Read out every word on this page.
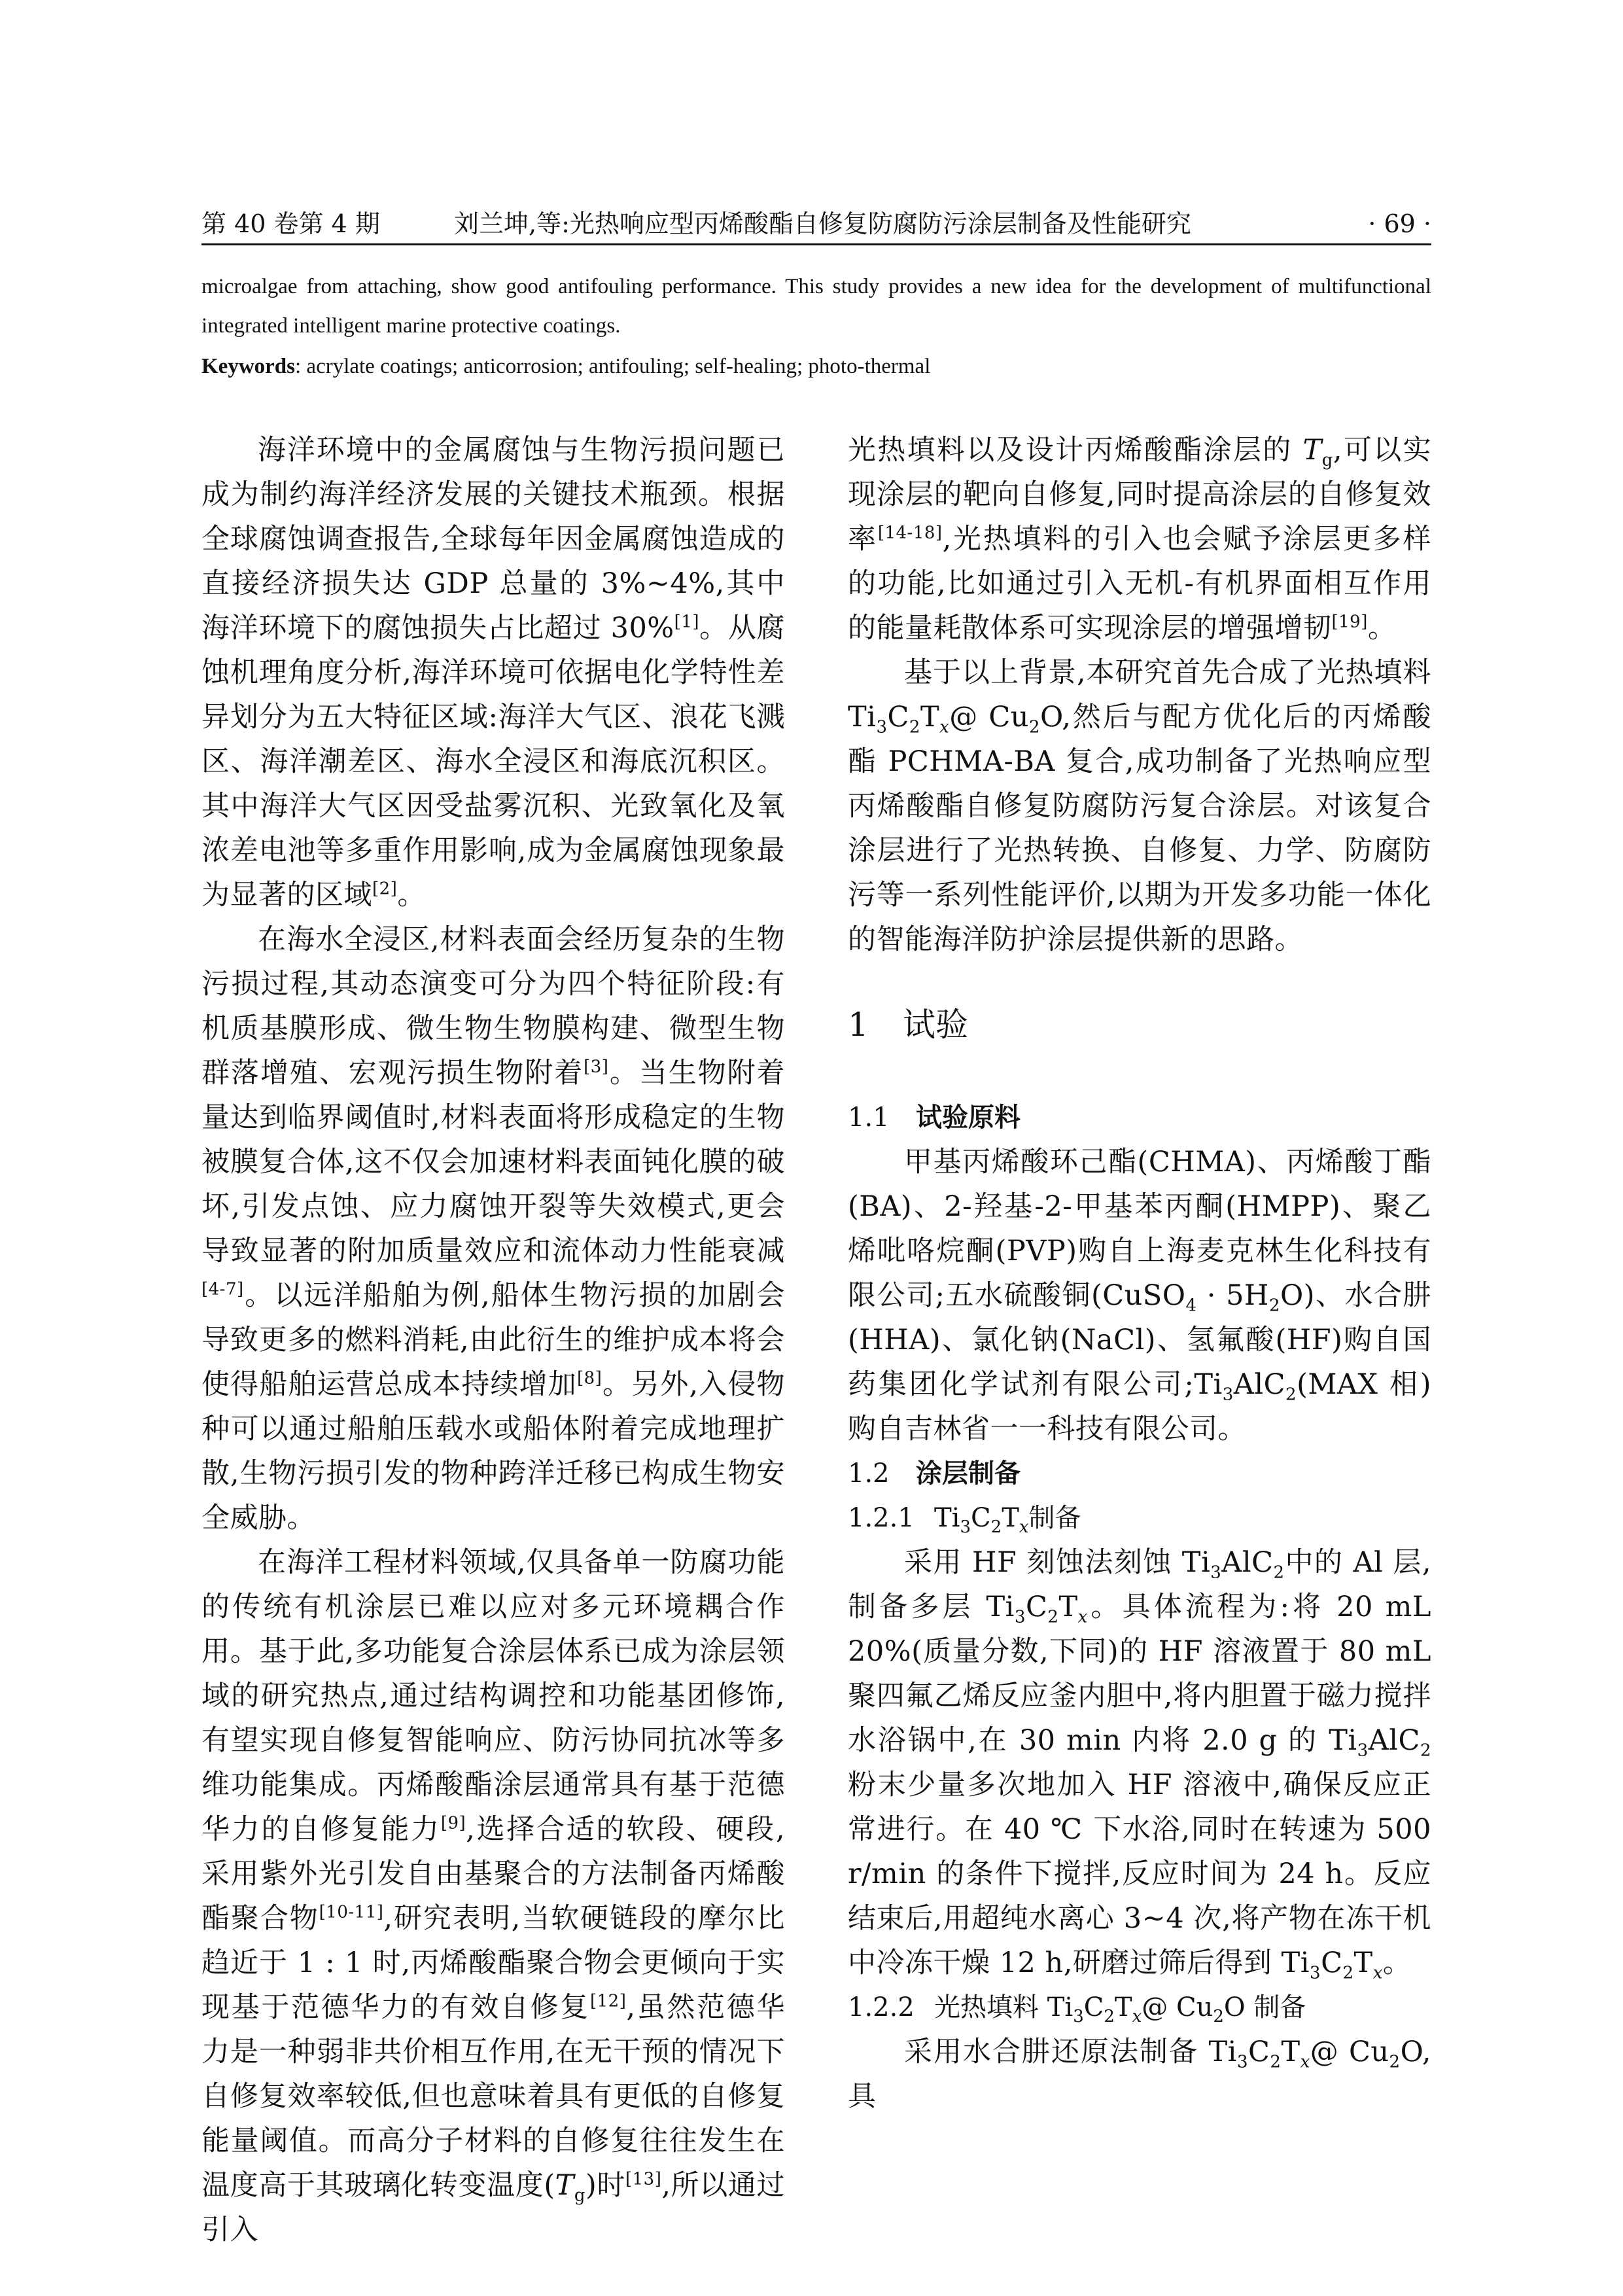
第 40 卷第 4 期	刘兰坤,等:光热响应型丙烯酸酯自修复防腐防污涂层制备及性能研究	· 69 ·
microalgae from attaching, show good antifouling performance. This study provides a new idea for the development of multifunctional integrated intelligent marine protective coatings.
Keywords: acrylate coatings; anticorrosion; antifouling; self-healing; photo-thermal

海洋环境中的金属腐蚀与生物污损问题已成为制约海洋经济发展的关键技术瓶颈。根据全球腐蚀调查报告,全球每年因金属腐蚀造成的直接经济损失达 GDP 总量的 3%~4%,其中海洋环境下的腐蚀损失占比超过 30%[1]。从腐蚀机理角度分析,海洋环境可依据电化学特性差异划分为五大特征区域:海洋大气区、浪花飞溅区、海洋潮差区、海水全浸区和海底沉积区。其中海洋大气区因受盐雾沉积、光致氧化及氧浓差电池等多重作用影响,成为金属腐蚀现象最为显著的区域[2]。

在海水全浸区,材料表面会经历复杂的生物污损过程,其动态演变可分为四个特征阶段:有机质基膜形成、微生物生物膜构建、微型生物群落增殖、宏观污损生物附着[3]。当生物附着量达到临界阈值时,材料表面将形成稳定的生物被膜复合体,这不仅会加速材料表面钝化膜的破坏,引发点蚀、应力腐蚀开裂等失效模式,更会导致显著的附加质量效应和流体动力性能衰减[4-7]。以远洋船舶为例,船体生物污损的加剧会导致更多的燃料消耗,由此衍生的维护成本将会使得船舶运营总成本持续增加[8]。另外,入侵物种可以通过船舶压载水或船体附着完成地理扩散,生物污损引发的物种跨洋迁移已构成生物安全威胁。

在海洋工程材料领域,仅具备单一防腐功能的传统有机涂层已难以应对多元环境耦合作用。基于此,多功能复合涂层体系已成为涂层领域的研究热点,通过结构调控和功能基团修饰,有望实现自修复智能响应、防污协同抗冰等多维功能集成。丙烯酸酯涂层通常具有基于范德华力的自修复能力[9],选择合适的软段、硬段,采用紫外光引发自由基聚合的方法制备丙烯酸酯聚合物[10-11],研究表明,当软硬链段的摩尔比趋近于 1 : 1 时,丙烯酸酯聚合物会更倾向于实现基于范德华力的有效自修复[12],虽然范德华力是一种弱非共价相互作用,在无干预的情况下自修复效率较低,但也意味着具有更低的自修复能量阈值。而高分子材料的自修复往往发生在温度高于其玻璃化转变温度$(T_g)$时[13],所以通过引入

光热填料以及设计丙烯酸酯涂层的 $T_g$,可以实现涂层的靶向自修复,同时提高涂层的自修复效率[14-18],光热填料的引入也会赋予涂层更多样的功能,比如通过引入无机-有机界面相互作用的能量耗散体系可实现涂层的增强增韧[19]。

基于以上背景,本研究首先合成了光热填料 $Ti_3C_2T_x@$ $Cu_2O$,然后与配方优化后的丙烯酸酯 PCHMA-BA 复合,成功制备了光热响应型丙烯酸酯自修复防腐防污复合涂层。对该复合涂层进行了光热转换、自修复、力学、防腐防污等一系列性能评价,以期为开发多功能一体化的智能海洋防护涂层提供新的思路。

1 试验
1.1 试验原料

甲基丙烯酸环己酯(CHMA)、丙烯酸丁酯(BA)、2-羟基-2-甲基苯丙酮(HMPP)、聚乙烯吡咯烷酮(PVP)购自上海麦克林生化科技有限公司;五水硫酸铜(CuSO$_4$ · $5H_2O$)、水合肼(HHA)、氯化钠(NaCl)、氢氟酸(HF)购自国药集团化学试剂有限公司$;Ti_3AlC_2(MAX$ 相)购自吉林省一一科技有限公司。

1.2 涂层制备
1.2.1 $Ti_3C_2T_x$制备

采用 HF 刻蚀法刻蚀 $Ti_3AlC_2$中的 Al 层,制备多层 $Ti_3C_2T_x$。具体流程为:将 20 mL 20%(质量分数,下同)的 HF 溶液置于 80 mL 聚四氟乙烯反应釜内胆中,将内胆置于磁力搅拌水浴锅中,在 30 min 内将 2.0 g 的 $Ti_3AlC_2$粉末少量多次地加入 HF 溶液中,确保反应正常进行。在 40 ℃ 下水浴,同时在转速为 500 r/min 的条件下搅拌,反应时间为 24 h。反应结束后,用超纯水离心 3~4 次,将产物在冻干机中冷冻干燥 12 h,研磨过筛后得到 $Ti_3C_2T_x$。

1.2.2 光热填料 $Ti_3C_2T_x@$ $Cu_2O$ 制备

采用水合肼还原法制备 $Ti_3C_2T_x@$ $Cu_2O$,具
